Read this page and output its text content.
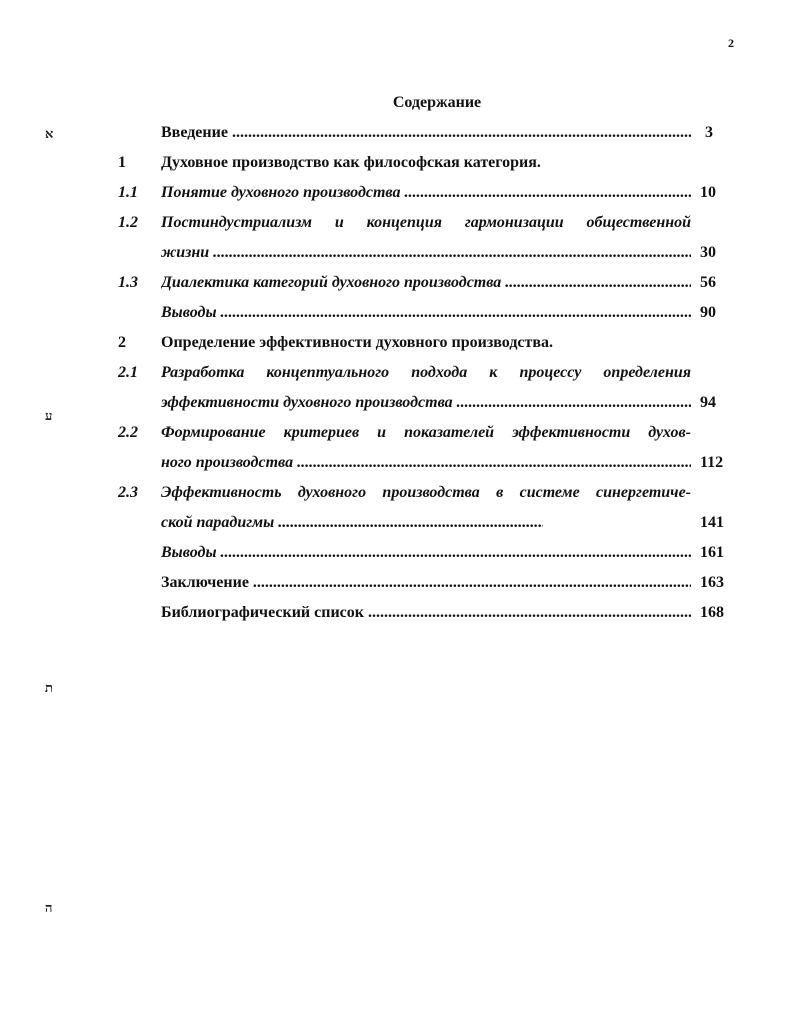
2
Содержание
ﬡ
ﬠ
ﬨ
ﬣ
Введение .....	3
1	Духовное производство как философская категория.
1.1	Понятие духовного производства .....	10
1.2	Постиндустриализм и концепция гармонизации общественной
жизни .....	30
1.3	Диалектика категорий духовного производства .....	56
Выводы .....	90
2	Определение эффективности духовного производства.
2.1	Разработка концептуального подхода к процессу определения
эффективности духовного производства .....	94
2.2	Формирование критериев и показателей эффективности духов-
ного производства .....	112
2.3	Эффективность духовного производства в системе синергетиче-
ской парадигмы .....	141
Выводы .....	161
Заключение .....	163
Библиографический список .....	168
